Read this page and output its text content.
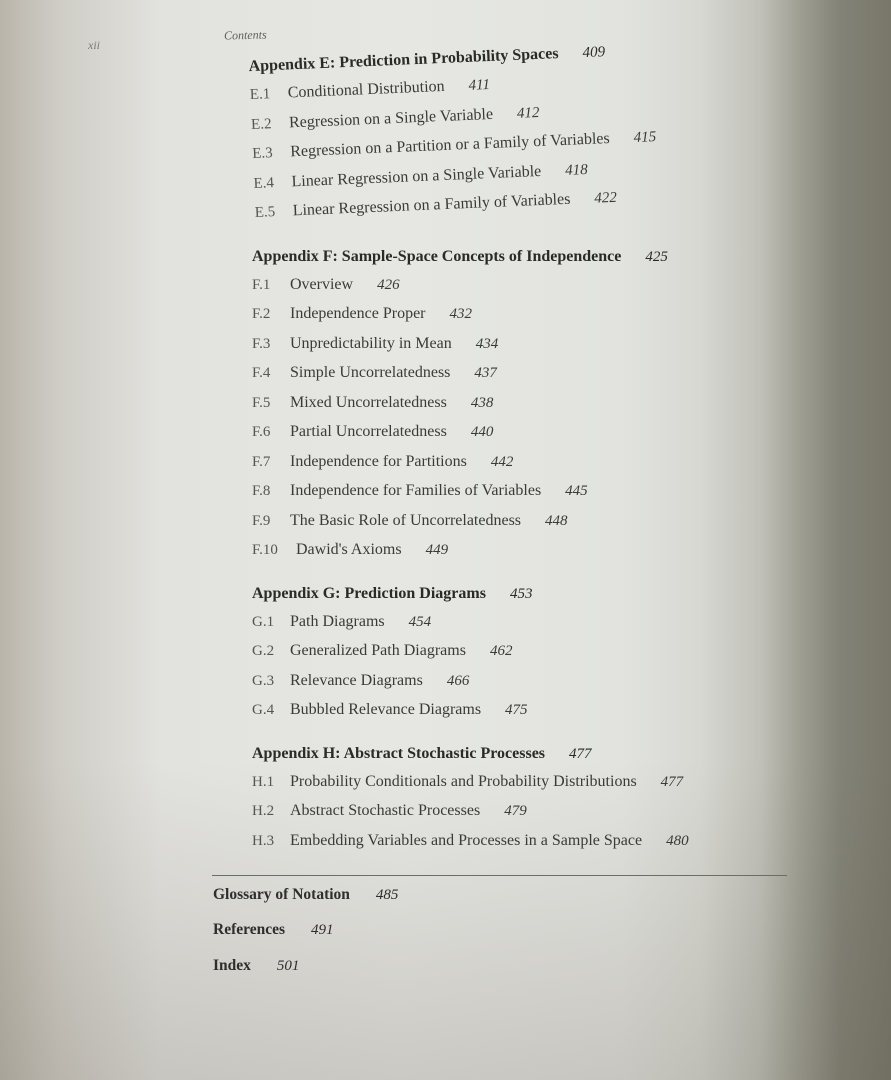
xii
Contents
Appendix E: Prediction in Probability Spaces 409
E.1	Conditional Distribution 411
E.2	Regression on a Single Variable 412
E.3	Regression on a Partition or a Family of Variables 415
E.4	Linear Regression on a Single Variable 418
E.5	Linear Regression on a Family of Variables 422
Appendix F: Sample-Space Concepts of Independence 425
F.1	Overview 426
F.2	Independence Proper 432
F.3	Unpredictability in Mean 434
F.4	Simple Uncorrelatedness 437
F.5	Mixed Uncorrelatedness 438
F.6	Partial Uncorrelatedness 440
F.7	Independence for Partitions 442
F.8	Independence for Families of Variables 445
F.9	The Basic Role of Uncorrelatedness 448
F.10	Dawid's Axioms 449
Appendix G: Prediction Diagrams 453
G.1 Path Diagrams 454
G.2 Generalized Path Diagrams 462
G.3 Relevance Diagrams 466
G.4 Bubbled Relevance Diagrams 475
Appendix H: Abstract Stochastic Processes 477
H.1 Probability Conditionals and Probability Distributions 477
H.2 Abstract Stochastic Processes 479
H.3 Embedding Variables and Processes in a Sample Space 480
Glossary of Notation 485
References 491
Index 501
